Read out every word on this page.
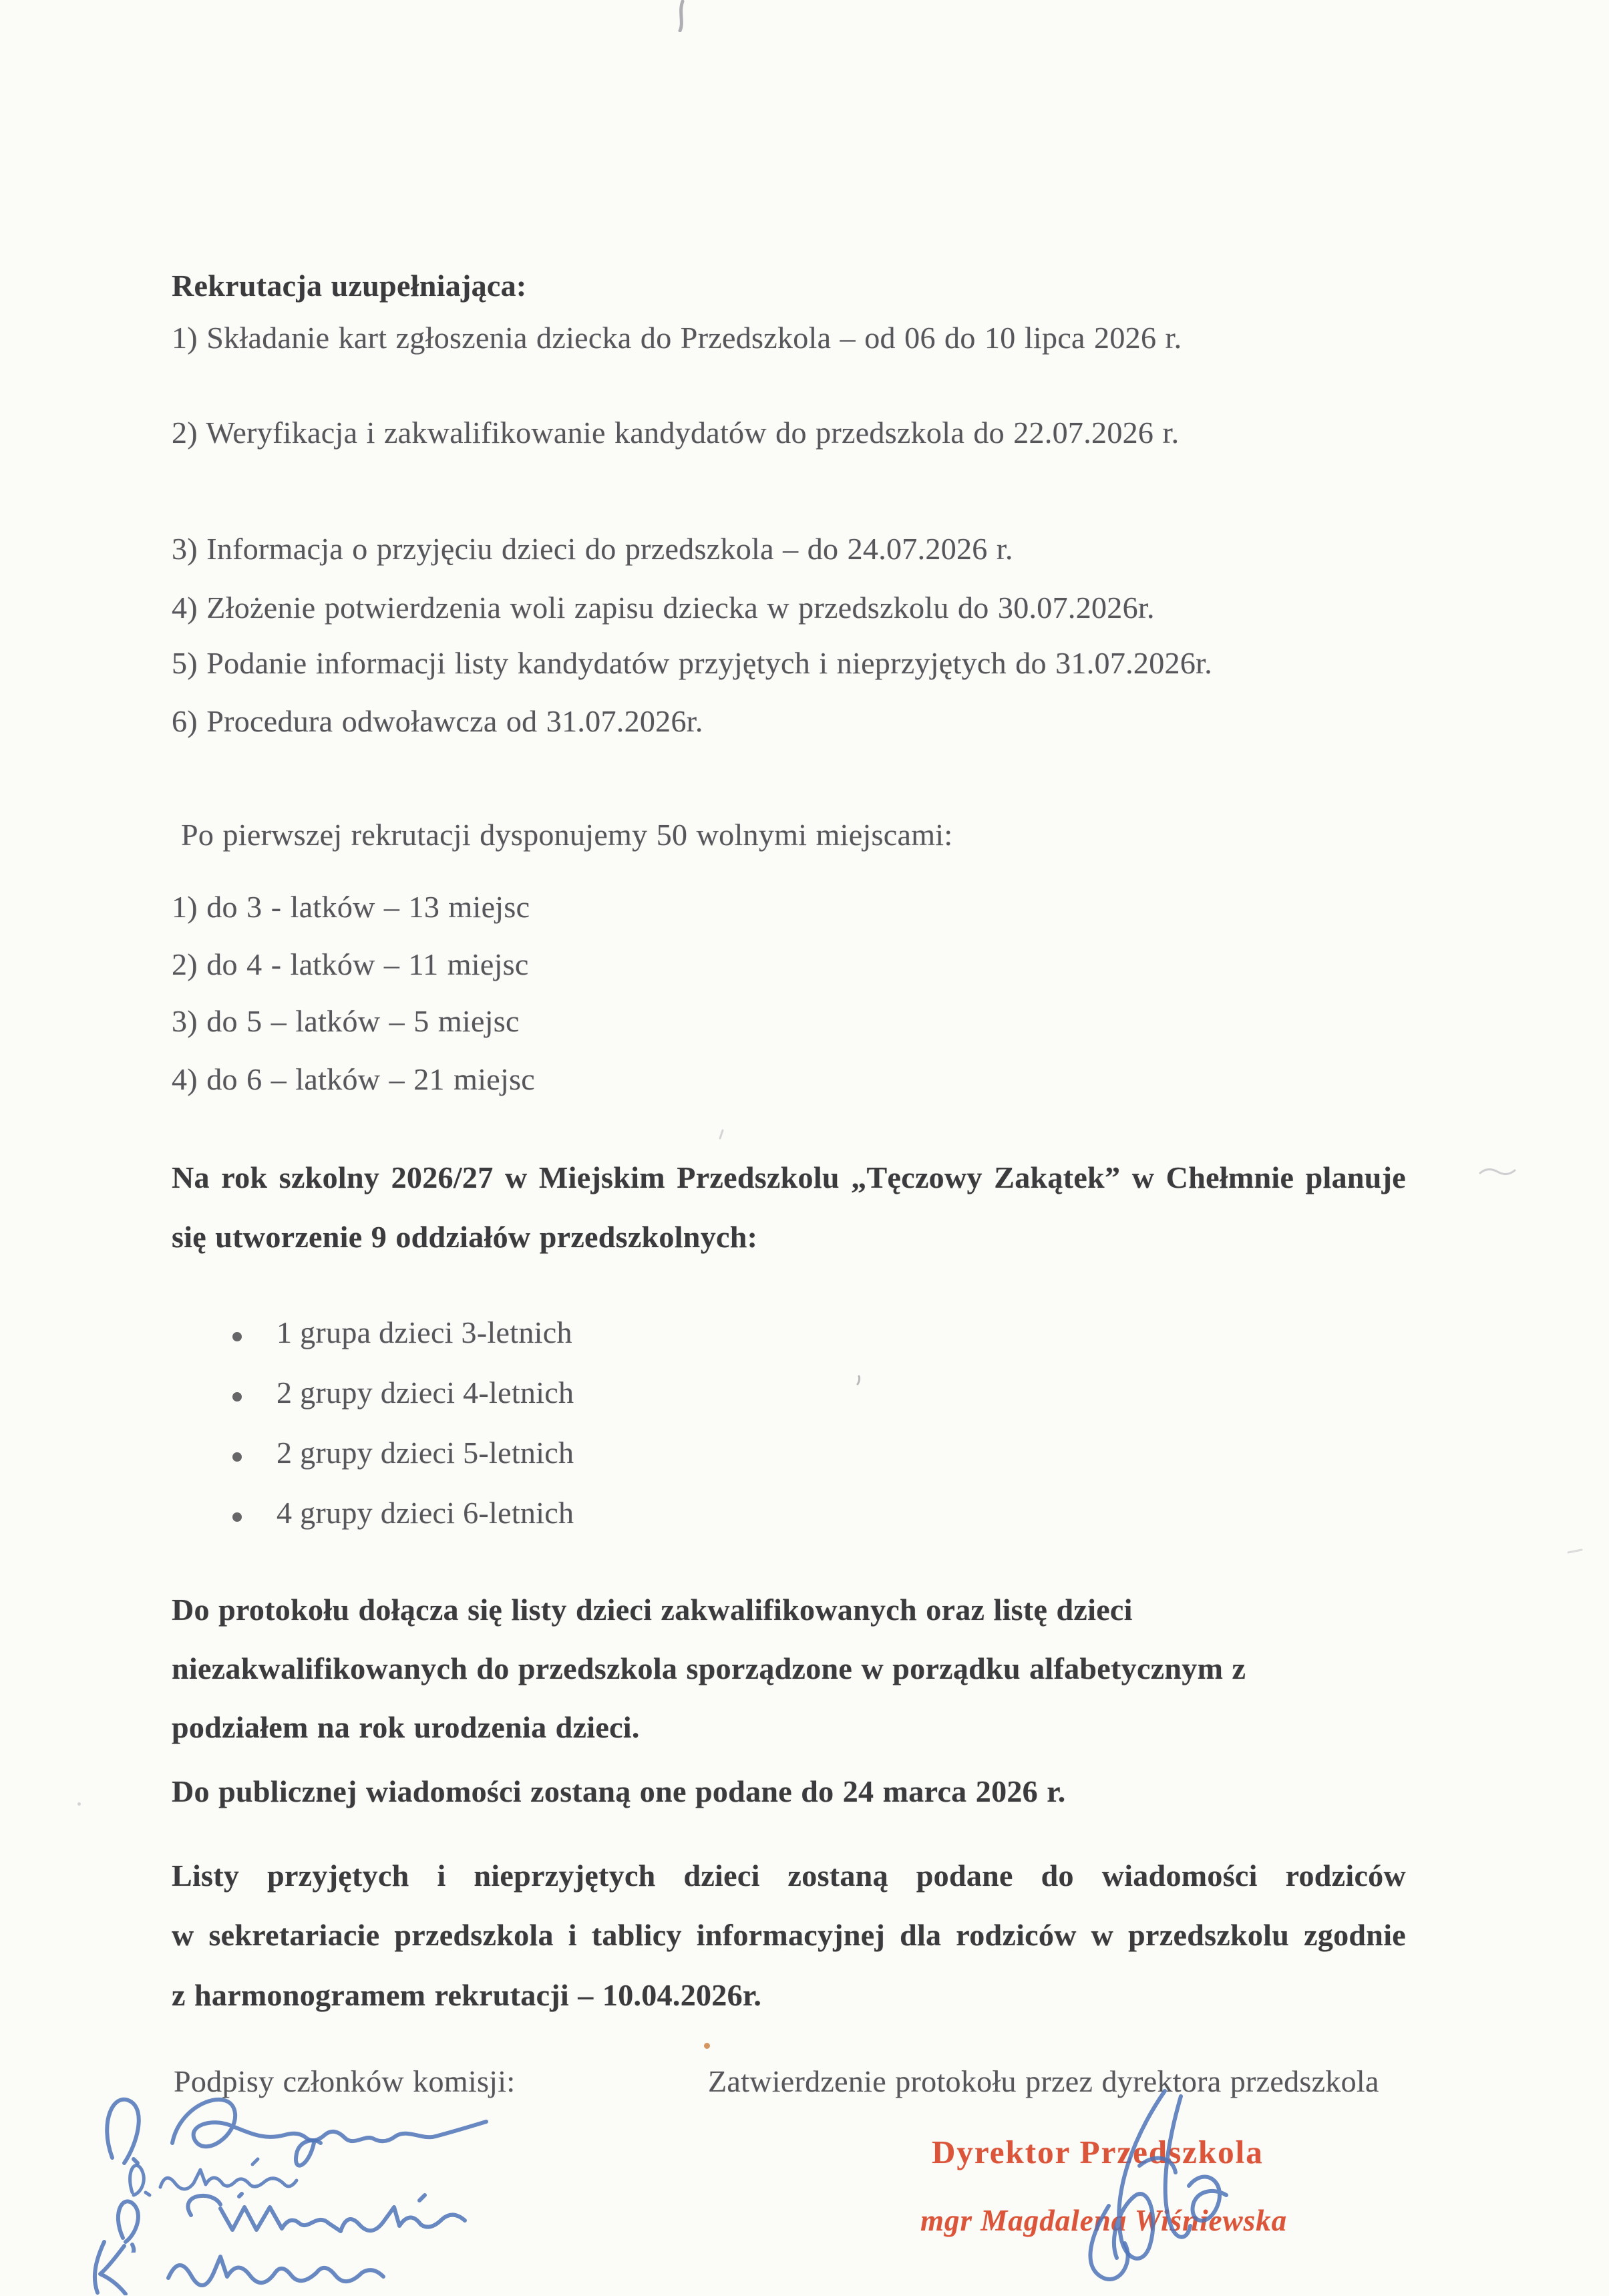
Rekrutacja uzupełniająca:
1) Składanie kart zgłoszenia dziecka do Przedszkola – od 06 do 10 lipca 2026 r.
2) Weryfikacja i zakwalifikowanie kandydatów do przedszkola do 22.07.2026 r.
3) Informacja o przyjęciu dzieci do przedszkola – do 24.07.2026 r.
4) Złożenie potwierdzenia woli zapisu dziecka w przedszkolu do 30.07.2026r.
5) Podanie informacji listy kandydatów przyjętych i nieprzyjętych do 31.07.2026r.
6) Procedura odwoławcza od 31.07.2026r.
Po pierwszej rekrutacji dysponujemy 50 wolnymi miejscami:
1) do 3 - latków – 13 miejsc
2) do 4 - latków – 11 miejsc
3) do 5 – latków – 5 miejsc
4) do 6 – latków – 21 miejsc
Na rok szkolny 2026/27 w Miejskim Przedszkolu „Tęczowy Zakątek” w Chełmnie planuje
się utworzenie 9 oddziałów przedszkolnych:
1 grupa dzieci 3-letnich
2 grupy dzieci 4-letnich
2 grupy dzieci 5-letnich
4 grupy dzieci 6-letnich
Do protokołu dołącza się listy dzieci zakwalifikowanych oraz listę dzieci
niezakwalifikowanych do przedszkola sporządzone w porządku alfabetycznym z
podziałem na rok urodzenia dzieci.
Do publicznej wiadomości zostaną one podane do 24 marca 2026 r.
Listy przyjętych i nieprzyjętych dzieci zostaną podane do wiadomości rodziców
w sekretariacie przedszkola i tablicy informacyjnej dla rodziców w przedszkolu zgodnie
z harmonogramem rekrutacji – 10.04.2026r.
Podpisy członków komisji:	Zatwierdzenie protokołu przez dyrektora przedszkola
Dyrektor Przedszkola
mgr Magdalena Wiśniewska
